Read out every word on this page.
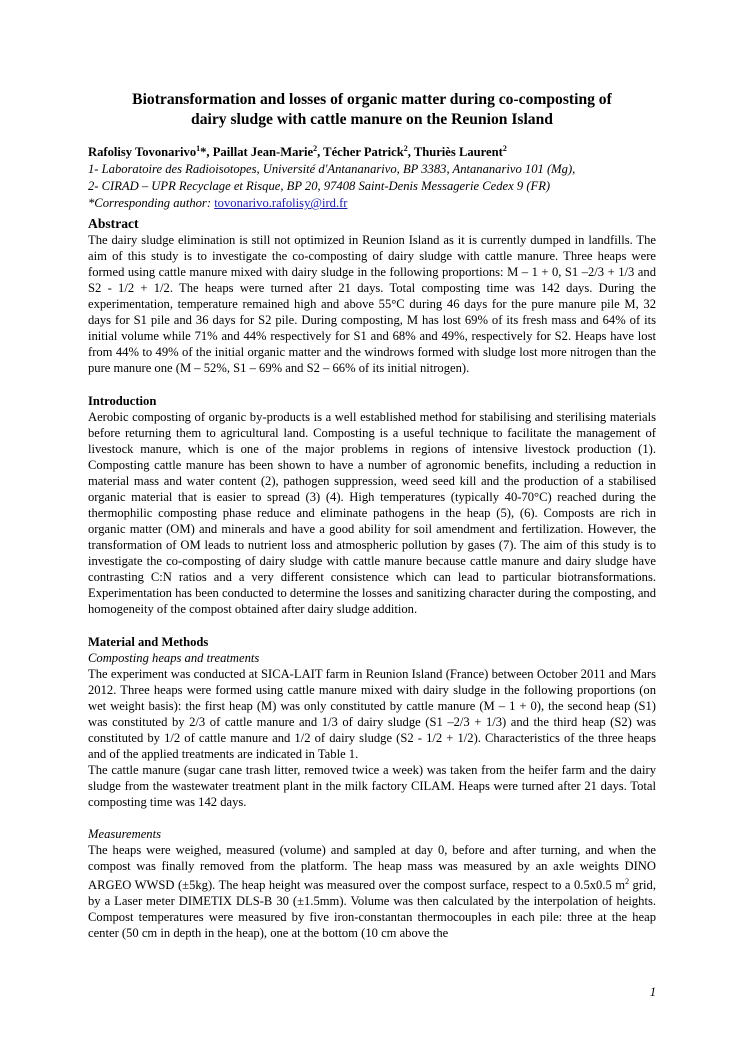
Biotransformation and losses of organic matter during co-composting of
dairy sludge with cattle manure on the Reunion Island
Rafolisy Tovonarivo$^1$*, Paillat Jean-Marie$^2$, Técher Patrick$^2$, Thuriès Laurent$^2$
1- Laboratoire des Radioisotopes, Université d'Antananarivo, BP 3383, Antananarivo 101 (Mg),
2- CIRAD – UPR Recyclage et Risque, BP 20, 97408 Saint-Denis Messagerie Cedex 9 (FR)
*Corresponding author: tovonarivo.rafolisy@ird.fr
Abstract

The dairy sludge elimination is still not optimized in Reunion Island as it is currently dumped in landfills. The aim of this study is to investigate the co-composting of dairy sludge with cattle manure. Three heaps were formed using cattle manure mixed with dairy sludge in the following proportions: M – 1 + 0, S1 –2/3 + 1/3 and S2 - 1/2 + 1/2. The heaps were turned after 21 days. Total composting time was 142 days. During the experimentation, temperature remained high and above 55°C during 46 days for the pure manure pile M, 32 days for S1 pile and 36 days for S2 pile. During composting, M has lost 69% of its fresh mass and 64% of its initial volume while 71% and 44% respectively for S1 and 68% and 49%, respectively for S2. Heaps have lost from 44% to 49% of the initial organic matter and the windrows formed with sludge lost more nitrogen than the pure manure one (M – 52%, S1 – 69% and S2 – 66% of its initial nitrogen).

Introduction

Aerobic composting of organic by-products is a well established method for stabilising and sterilising materials before returning them to agricultural land. Composting is a useful technique to facilitate the management of livestock manure, which is one of the major problems in regions of intensive livestock production (1). Composting cattle manure has been shown to have a number of agronomic benefits, including a reduction in material mass and water content (2), pathogen suppression, weed seed kill and the production of a stabilised organic material that is easier to spread (3) (4). High temperatures (typically 40-70°C) reached during the thermophilic composting phase reduce and eliminate pathogens in the heap (5), (6). Composts are rich in organic matter (OM) and minerals and have a good ability for soil amendment and fertilization. However, the transformation of OM leads to nutrient loss and atmospheric pollution by gases (7). The aim of this study is to investigate the co-composting of dairy sludge with cattle manure because cattle manure and dairy sludge have contrasting C:N ratios and a very different consistence which can lead to particular biotransformations. Experimentation has been conducted to determine the losses and sanitizing character during the composting, and homogeneity of the compost obtained after dairy sludge addition.

Material and Methods
Composting heaps and treatments

The experiment was conducted at SICA-LAIT farm in Reunion Island (France) between October 2011 and Mars 2012. Three heaps were formed using cattle manure mixed with dairy sludge in the following proportions (on wet weight basis): the first heap (M) was only constituted by cattle manure (M – 1 + 0), the second heap (S1) was constituted by 2/3 of cattle manure and 1/3 of dairy sludge (S1 –2/3 + 1/3) and the third heap (S2) was constituted by 1/2 of cattle manure and 1/2 of dairy sludge (S2 - 1/2 + 1/2). Characteristics of the three heaps and of the applied treatments are indicated in Table 1.

The cattle manure (sugar cane trash litter, removed twice a week) was taken from the heifer farm and the dairy sludge from the wastewater treatment plant in the milk factory CILAM. Heaps were turned after 21 days. Total composting time was 142 days.

Measurements

The heaps were weighed, measured (volume) and sampled at day 0, before and after turning, and when the compost was finally removed from the platform. The heap mass was measured by an axle weights DINO ARGEO WWSD (±5kg). The heap height was measured over the compost surface, respect to a 0.5x0.5 $m^2$ grid, by a Laser meter DIMETIX DLS-B 30 (±1.5mm). Volume was then calculated by the interpolation of heights. Compost temperatures were measured by five iron-constantan thermocouples in each pile: three at the heap center (50 cm in depth in the heap), one at the bottom (10 cm above the

1
